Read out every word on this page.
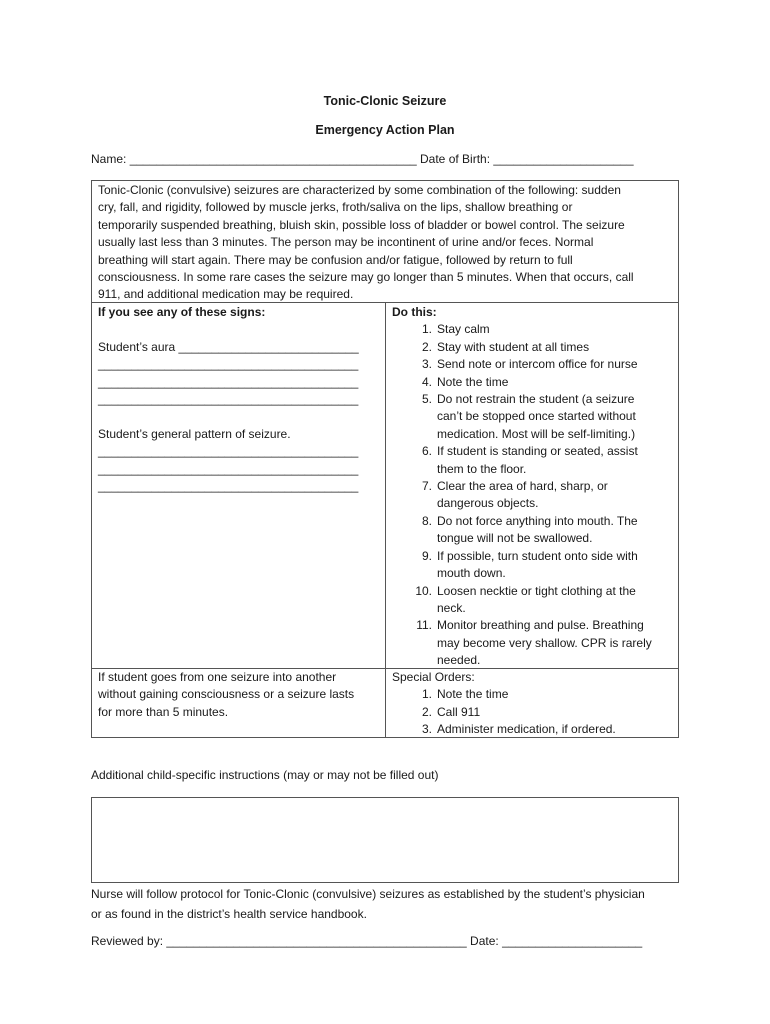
Tonic-Clonic Seizure
Emergency Action Plan
Name: ___________________________________________ Date of Birth: _____________________
Tonic-Clonic (convulsive) seizures are characterized by some combination of the following: sudden
cry, fall, and rigidity, followed by muscle jerks, froth/saliva on the lips, shallow breathing or
temporarily suspended breathing, bluish skin, possible loss of bladder or bowel control. The seizure
usually last less than 3 minutes. The person may be incontinent of urine and/or feces. Normal
breathing will start again. There may be confusion and/or fatigue, followed by return to full
consciousness. In some rare cases the seizure may go longer than 5 minutes. When that occurs, call
911, and additional medication may be required.
If you see any of these signs:
Student’s aura ___________________________
_______________________________________
_______________________________________
_______________________________________
Student’s general pattern of seizure.
_______________________________________
_______________________________________
_______________________________________
Do this:
1. Stay calm
2. Stay with student at all times
3. Send note or intercom office for nurse
4. Note the time
5. Do not restrain the student (a seizure
can’t be stopped once started without
medication. Most will be self-limiting.)
6. If student is standing or seated, assist
them to the floor.
7. Clear the area of hard, sharp, or
dangerous objects.
8. Do not force anything into mouth. The
tongue will not be swallowed.
9. If possible, turn student onto side with
mouth down.
10. Loosen necktie or tight clothing at the
neck.
11. Monitor breathing and pulse. Breathing
may become very shallow. CPR is rarely
needed.
If student goes from one seizure into another
without gaining consciousness or a seizure lasts
for more than 5 minutes.
Special Orders:
1. Note the time
2. Call 911
3. Administer medication, if ordered.
Additional child-specific instructions (may or may not be filled out)
Nurse will follow protocol for Tonic-Clonic (convulsive) seizures as established by the student’s physician
or as found in the district’s health service handbook.
Reviewed by: _____________________________________________ Date: _____________________
